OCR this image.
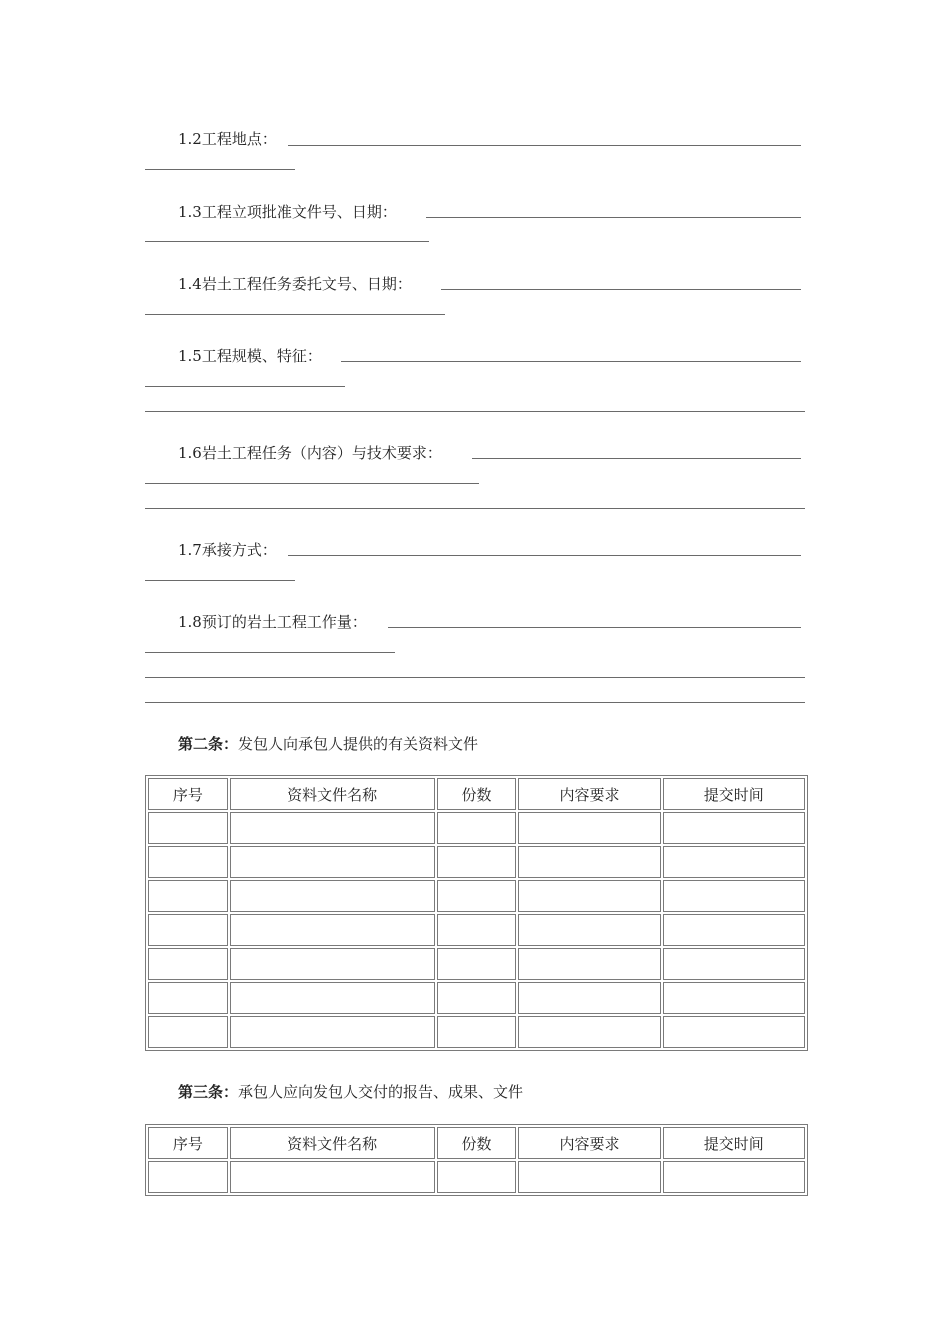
1.2工程地点：
1.3工程立项批准文件号、日期：
1.4岩土工程任务委托文号、日期：
1.5工程规模、特征：
1.6岩土工程任务（内容）与技术要求：
1.7承接方式：
1.8预订的岩土工程工作量：
第二条：发包人向承包人提供的有关资料文件
序号	资料文件名称	份数	内容要求	提交时间

第三条：承包人应向发包人交付的报告、成果、文件
序号	资料文件名称	份数	内容要求	提交时间
